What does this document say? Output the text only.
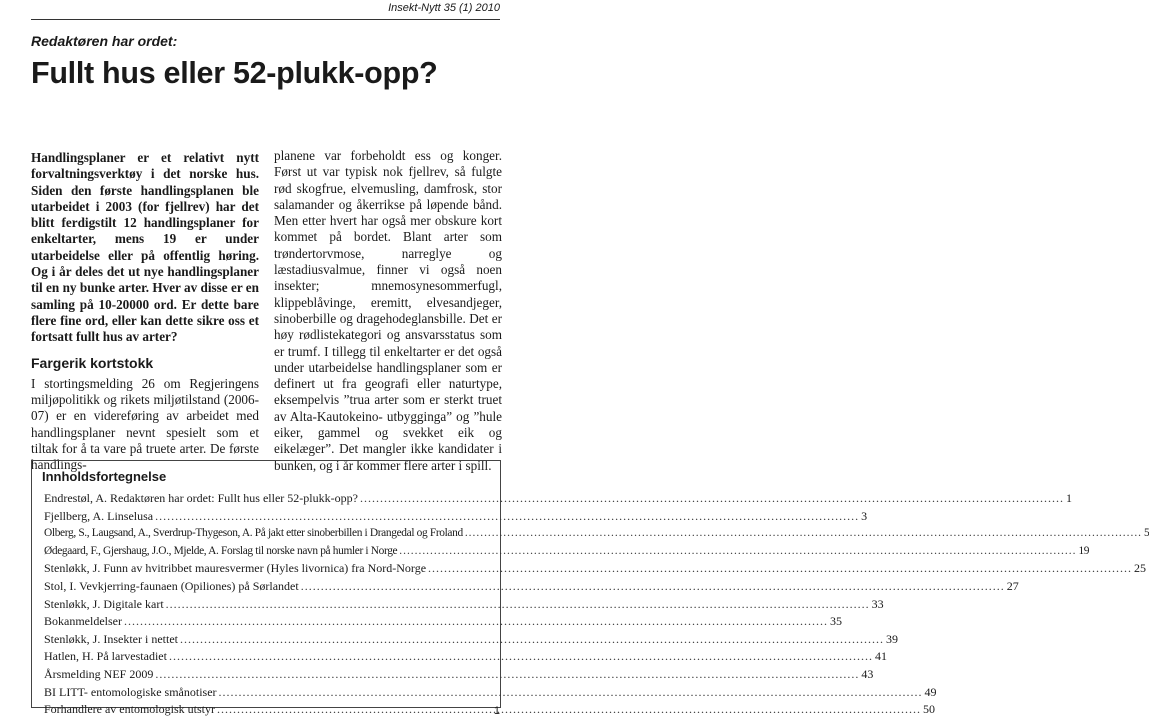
Insekt-Nytt 35 (1) 2010
Redaktøren har ordet:
Fullt hus eller 52-plukk-opp?

Handlingsplaner er et relativt nytt forvaltningsverktøy i det norske hus. Siden den første handlingsplanen ble utarbeidet i 2003 (for fjellrev) har det blitt ferdigstilt 12 handlingsplaner for enkeltarter, mens 19 er under utarbeidelse eller på offentlig høring. Og i år deles det ut nye handlingsplaner til en ny bunke arter. Hver av disse er en samling på 10-20000 ord. Er dette bare flere fine ord, eller kan dette sikre oss et fortsatt fullt hus av arter?

Fargerik kortstokk

I stortingsmelding 26 om Regjeringens miljøpolitikk og rikets miljøtilstand (2006-07) er en videreføring av arbeidet med handlingsplaner nevnt spesielt som et tiltak for å ta vare på truete arter. De første handlings-

planene var forbeholdt ess og konger. Først ut var typisk nok fjellrev, så fulgte rød skogfrue, elvemusling, damfrosk, stor salamander og åkerrikse på løpende bånd. Men etter hvert har også mer obskure kort kommet på bordet. Blant arter som trøndertorvmose, narreglye og læstadiusvalmue, finner vi også noen insekter; mnemosynesommerfugl, klippeblåvinge, eremitt, elvesandjeger, sinoberbille og dragehodeglansbille. Det er høy rødlistekategori og ansvarsstatus som er trumf. I tillegg til enkeltarter er det også under utarbeidelse handlingsplaner som er definert ut fra geografi eller naturtype, eksempelvis ”trua arter som er sterkt truet av Alta-Kautokeino- utbygginga” og ”hule eiker, gammel og svekket eik og eikelæger”. Det mangler ikke kandidater i bunken, og i år kommer flere arter i spill.

Innholdsfortegnelse
Endrestøl, A. Redaktøren har ordet: Fullt hus eller 52-plukk-opp? .....	1
Fjellberg, A. Linselusa .....	3
Olberg, S., Laugsand, A., Sverdrup-Thygeson, A. På jakt etter sinoberbillen i Drangedal og Froland .....	5
Ødegaard, F., Gjershaug, J.O., Mjelde, A. Forslag til norske navn på humler i Norge .....	19
Stenløkk, J. Funn av hvitribbet mauresvermer (Hyles livornica) fra Nord-Norge .....	25
Stol, I. Vevkjerring-faunaen (Opiliones) på Sørlandet .....	27
Stenløkk, J. Digitale kart .....	33
Bokanmeldelser .....	35
Stenløkk, J. Insekter i nettet .....	39
Hatlen, H. På larvestadiet .....	41
Årsmelding NEF 2009 .....	43
BI LITT- entomologiske smånotiser .....	49
Forhandlere av entomologisk utstyr .....	50
1
